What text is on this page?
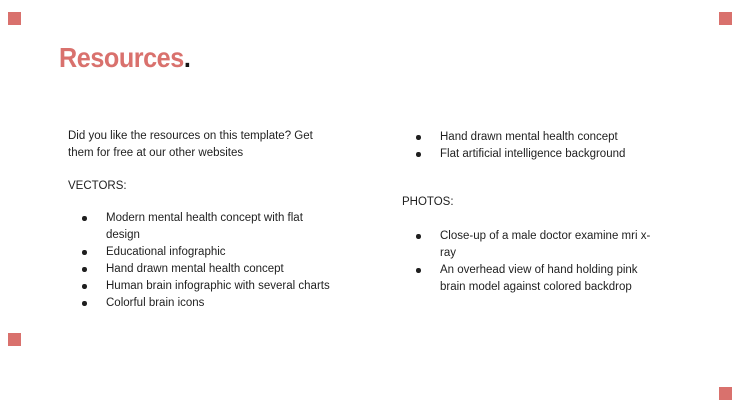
Resources.

Did you like the resources on this template? Get them for free at our other websites

VECTORS:
Modern mental health concept with flat design
Educational infographic
Hand drawn mental health concept
Human brain infographic with several charts
Colorful brain icons
Hand drawn mental health concept
Flat artificial intelligence background
PHOTOS:
Close-up of a male doctor examine mri x-ray
An overhead view of hand holding pink brain model against colored backdrop
